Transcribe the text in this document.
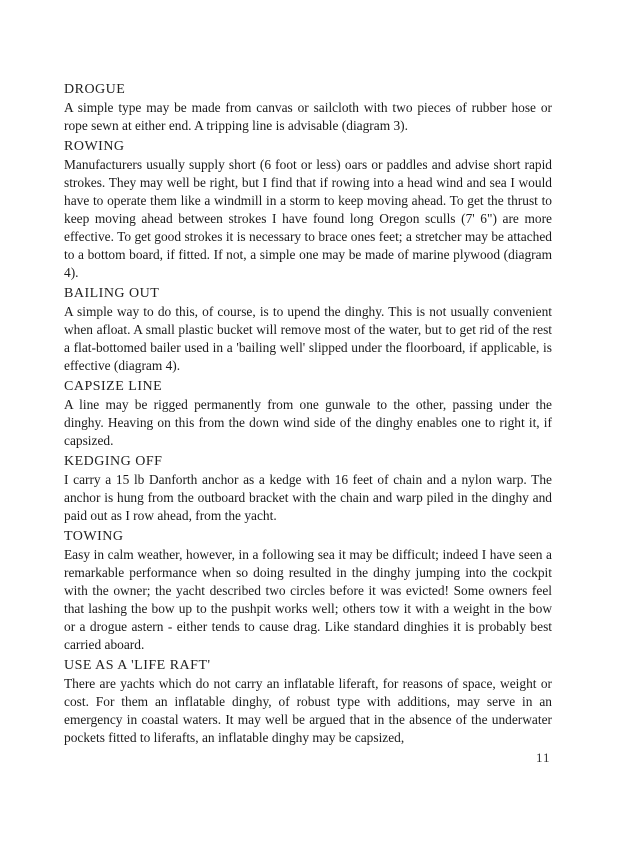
DROGUE

A simple type may be made from canvas or sailcloth with two pieces of rubber hose or rope sewn at either end. A tripping line is advisable (diagram 3).

ROWING

Manufacturers usually supply short (6 foot or less) oars or paddles and advise short rapid strokes. They may well be right, but I find that if rowing into a head wind and sea I would have to operate them like a windmill in a storm to keep moving ahead. To get the thrust to keep moving ahead between strokes I have found long Oregon sculls (7' 6") are more effective. To get good strokes it is necessary to brace ones feet; a stretcher may be attached to a bottom board, if fitted. If not, a simple one may be made of marine plywood (diagram 4).

BAILING OUT

A simple way to do this, of course, is to upend the dinghy. This is not usually convenient when afloat. A small plastic bucket will remove most of the water, but to get rid of the rest a flat-bottomed bailer used in a 'bailing well' slipped under the floorboard, if applicable, is effective (diagram 4).

CAPSIZE LINE

A line may be rigged permanently from one gunwale to the other, passing under the dinghy. Heaving on this from the down wind side of the dinghy enables one to right it, if capsized.

KEDGING OFF

I carry a 15 lb Danforth anchor as a kedge with 16 feet of chain and a nylon warp. The anchor is hung from the outboard bracket with the chain and warp piled in the dinghy and paid out as I row ahead, from the yacht.

TOWING

Easy in calm weather, however, in a following sea it may be difficult; indeed I have seen a remarkable performance when so doing resulted in the dinghy jumping into the cockpit with the owner; the yacht described two circles before it was evicted! Some owners feel that lashing the bow up to the pushpit works well; others tow it with a weight in the bow or a drogue astern - either tends to cause drag. Like standard dinghies it is probably best carried aboard.

USE AS A 'LIFE RAFT'

There are yachts which do not carry an inflatable liferaft, for reasons of space, weight or cost. For them an inflatable dinghy, of robust type with additions, may serve in an emergency in coastal waters. It may well be argued that in the absence of the underwater pockets fitted to liferafts, an inflatable dinghy may be capsized,

11
